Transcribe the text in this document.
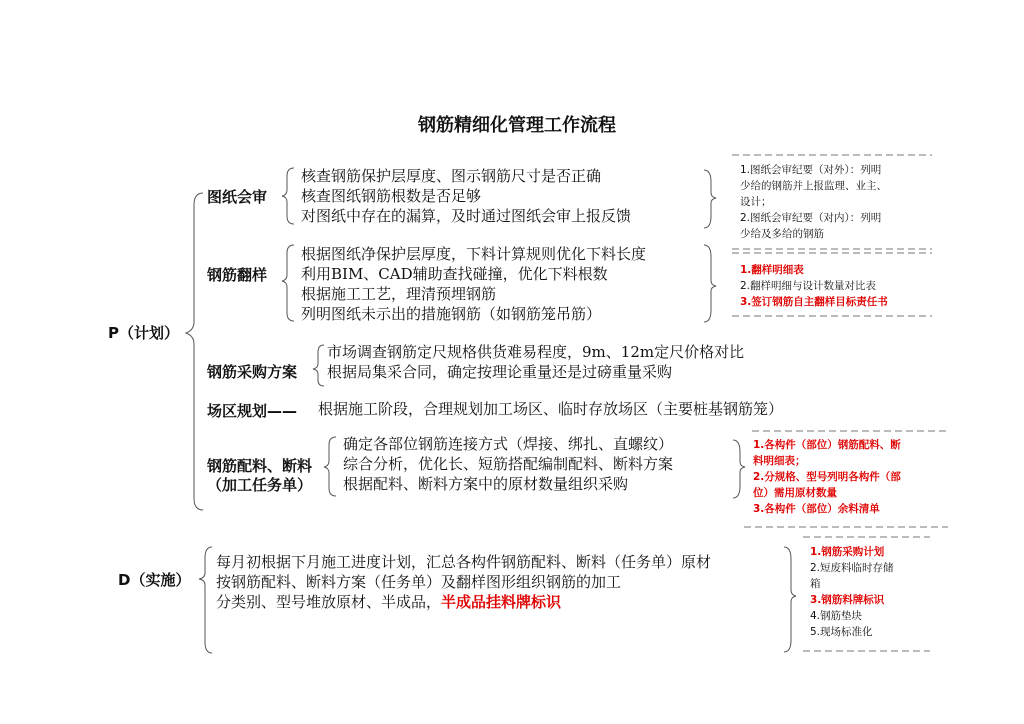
钢筋精细化管理工作流程
P（计划）
D（实施）
图纸会审
核查钢筋保护层厚度、图示钢筋尺寸是否正确
核查图纸钢筋根数是否足够
对图纸中存在的漏算，及时通过图纸会审上报反馈
钢筋翻样
根据图纸净保护层厚度，下料计算规则优化下料长度
利用BIM、CAD辅助查找碰撞，优化下料根数
根据施工工艺，理清预埋钢筋
列明图纸未示出的措施钢筋（如钢筋笼吊筋）
钢筋采购方案
市场调查钢筋定尺规格供货难易程度，9m、12m定尺价格对比
根据局集采合同，确定按理论重量还是过磅重量采购
场区规划—— 根据施工阶段，合理规划加工场区、临时存放场区（主要桩基钢筋笼）
钢筋配料、断料
（加工任务单）
确定各部位钢筋连接方式（焊接、绑扎、直螺纹）
综合分析，优化长、短筋搭配编制配料、断料方案
根据配料、断料方案中的原材数量组织采购
每月初根据下月施工进度计划，汇总各构件钢筋配料、断料（任务单）原材
按钢筋配料、断料方案（任务单）及翻样图形组织钢筋的加工
分类别、型号堆放原材、半成品，半成品挂料牌标识
1.图纸会审纪要（对外）：列明
少给的钢筋并上报监理、业主、
设计；
2.图纸会审纪要（对内）：列明
少给及多给的钢筋
1.翻样明细表
2.翻样明细与设计数量对比表
3.签订钢筋自主翻样目标责任书
1.各构件（部位）钢筋配料、断
料明细表；
2.分规格、型号列明各构件（部
位）需用原材数量
3.各构件（部位）余料清单
1.钢筋采购计划
2.短废料临时存储
箱
3.钢筋料牌标识
4.钢筋垫块
5.现场标准化
